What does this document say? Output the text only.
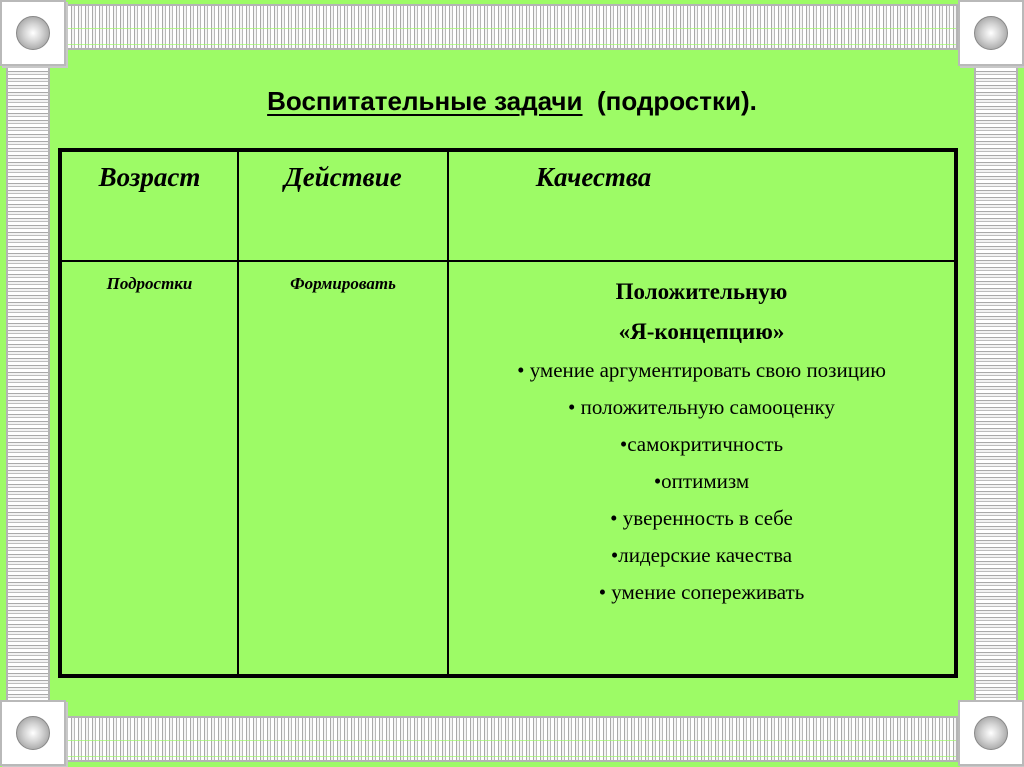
Воспитательные задачи  (подростки).
Возраст	Действие	Качества
Подростки	Формировать	Положительную
«Я-концепцию»
• умение аргументировать свою позицию
• положительную самооценку
•самокритичность
•оптимизм
• уверенность в себе
•лидерские качества
• умение сопереживать
